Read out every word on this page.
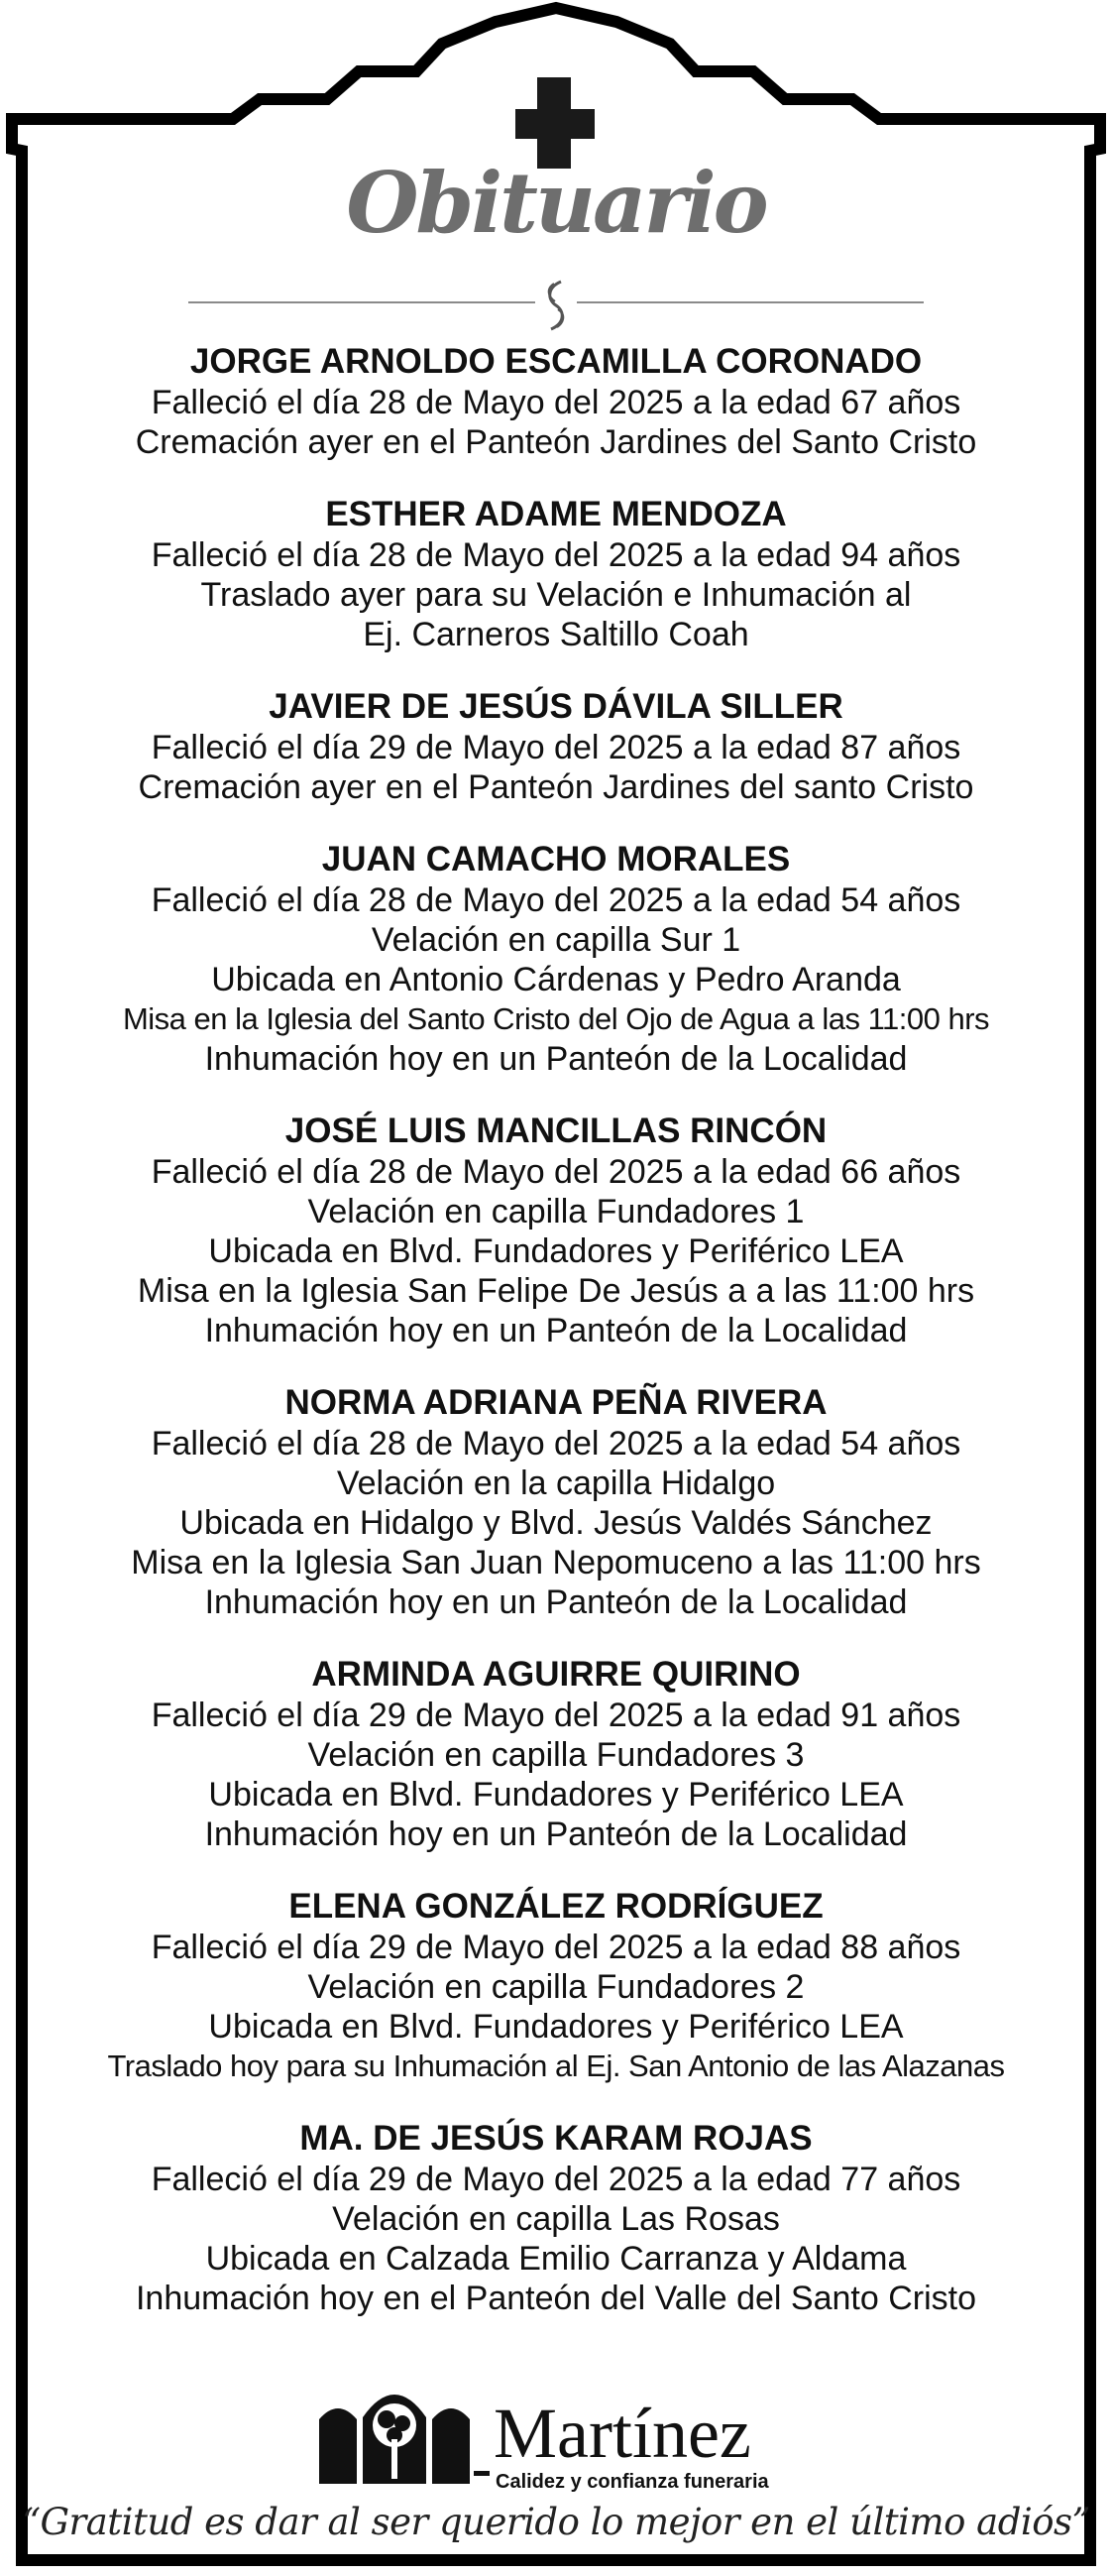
Obituario
JORGE ARNOLDO ESCAMILLA CORONADO
Falleció el día 28 de Mayo del 2025 a la edad 67 años
Cremación ayer en el Panteón Jardines del Santo Cristo
ESTHER ADAME MENDOZA
Falleció el día 28 de Mayo del 2025 a la edad 94 años
Traslado ayer para su Velación e Inhumación al
Ej. Carneros Saltillo Coah
JAVIER DE JESÚS DÁVILA SILLER
Falleció el día 29 de Mayo del 2025 a la edad 87 años
Cremación ayer en el Panteón Jardines del santo Cristo
JUAN CAMACHO MORALES
Falleció el día 28 de Mayo del 2025 a la edad 54 años
Velación en capilla Sur 1
Ubicada en Antonio Cárdenas y Pedro Aranda
Misa en la Iglesia del Santo Cristo del Ojo de Agua a las 11:00 hrs
Inhumación hoy en un Panteón de la Localidad
JOSÉ LUIS MANCILLAS RINCÓN
Falleció el día 28 de Mayo del 2025 a la edad 66 años
Velación en capilla Fundadores 1
Ubicada en Blvd. Fundadores y Periférico LEA
Misa en la Iglesia San Felipe De Jesús a a las 11:00 hrs
Inhumación hoy en un Panteón de la Localidad
NORMA ADRIANA PEÑA RIVERA
Falleció el día 28 de Mayo del 2025 a la edad 54 años
Velación en la capilla Hidalgo
Ubicada en Hidalgo y Blvd. Jesús Valdés Sánchez
Misa en la Iglesia San Juan Nepomuceno a las 11:00 hrs
Inhumación hoy en un Panteón de la Localidad
ARMINDA AGUIRRE QUIRINO
Falleció el día 29 de Mayo del 2025 a la edad 91 años
Velación en capilla Fundadores 3
Ubicada en Blvd. Fundadores y Periférico LEA
Inhumación hoy en un Panteón de la Localidad
ELENA GONZÁLEZ RODRÍGUEZ
Falleció el día 29 de Mayo del 2025 a la edad 88 años
Velación en capilla Fundadores 2
Ubicada en Blvd. Fundadores y Periférico LEA
Traslado hoy para su Inhumación al Ej. San Antonio de las Alazanas
MA. DE JESÚS KARAM ROJAS
Falleció el día 29 de Mayo del 2025 a la edad 77 años
Velación en capilla Las Rosas
Ubicada en Calzada Emilio Carranza y Aldama
Inhumación hoy en el Panteón del Valle del Santo Cristo
Martínez
Calidez y confianza funeraria
“Gratitud es dar al ser querido lo mejor en el último adiós”
